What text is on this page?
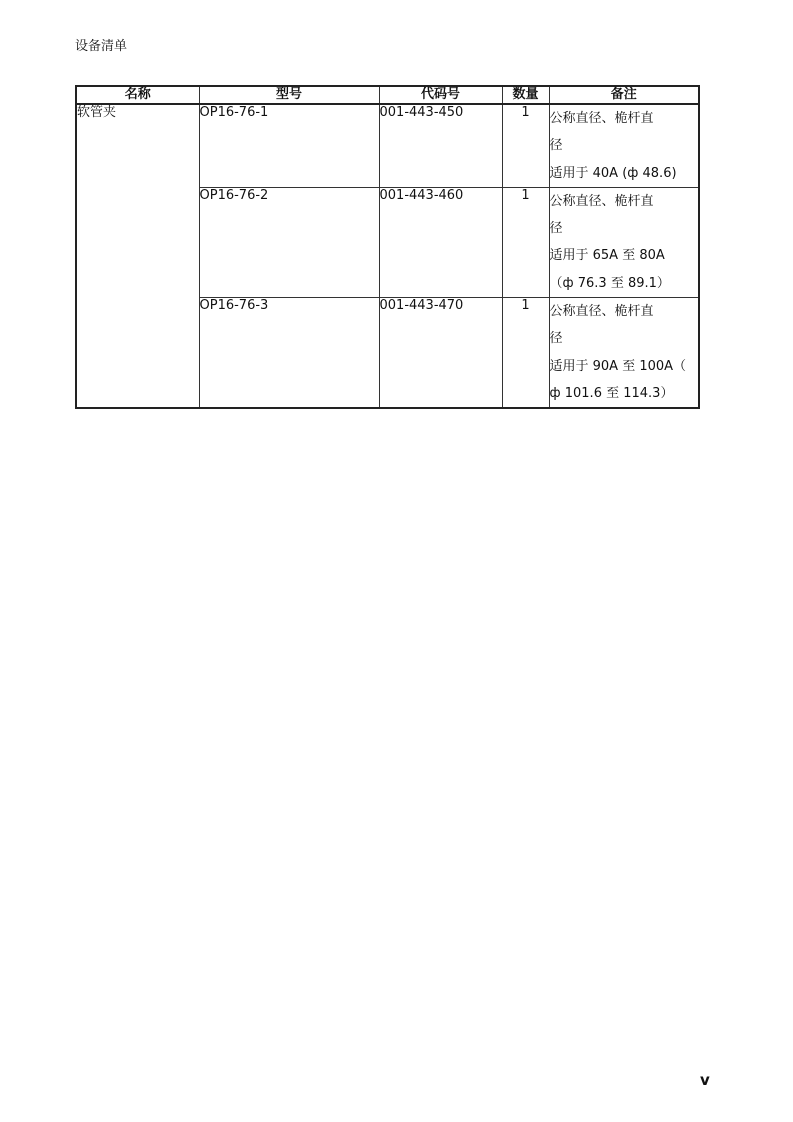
设备清单
名称	型号	代码号	数量	备注
软管夹	OP16-76-1	001-443-450	1	公称直径、桅杆直
径
适用于 40A (ф 48.6)

	OP16-76-2	001-443-460	1	公称直径、桅杆直
径
适用于 65A 至 80A
（ф 76.3 至 89.1）

	OP16-76-3	001-443-470	1	公称直径、桅杆直
径
适用于 90A 至 100A（
ф 101.6 至 114.3）
v
